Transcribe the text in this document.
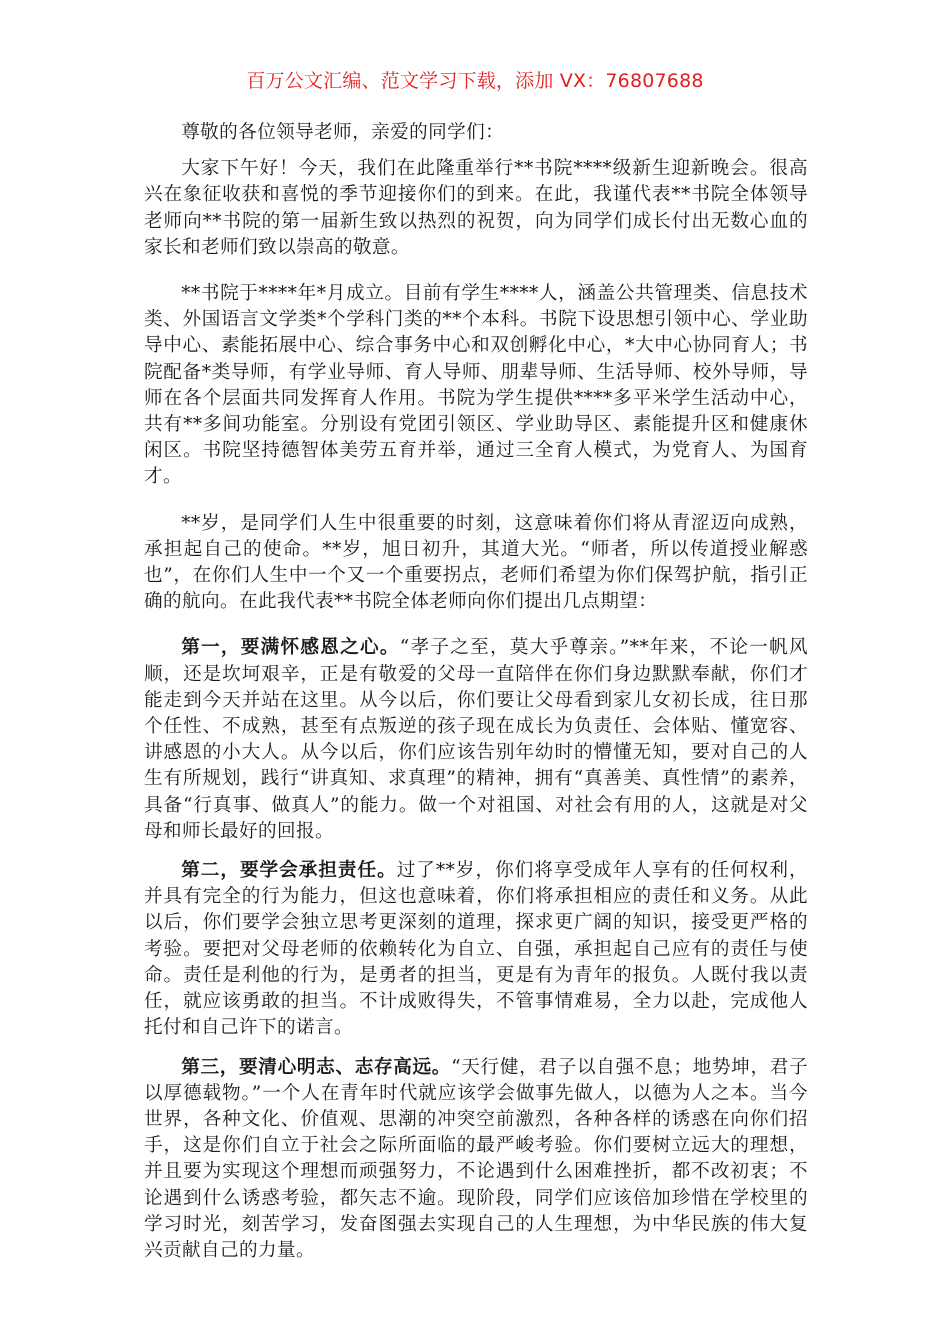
百万公文汇编、范文学习下载，添加 VX：76807688

尊敬的各位领导老师，亲爱的同学们：

大家下午好！今天，我们在此隆重举行**书院****级新生迎新晚会。很高兴在象征收获和喜悦的季节迎接你们的到来。在此，我谨代表**书院全体领导老师向**书院的第一届新生致以热烈的祝贺，向为同学们成长付出无数心血的家长和老师们致以崇高的敬意。

**书院于****年*月成立。目前有学生****人，涵盖公共管理类、信息技术类、外国语言文学类*个学科门类的**个本科。书院下设思想引领中心、学业助导中心、素能拓展中心、综合事务中心和双创孵化中心，*大中心协同育人；书院配备*类导师，有学业导师、育人导师、朋辈导师、生活导师、校外导师，导师在各个层面共同发挥育人作用。书院为学生提供****多平米学生活动中心，共有**多间功能室。分别设有党团引领区、学业助导区、素能提升区和健康休闲区。书院坚持德智体美劳五育并举，通过三全育人模式，为党育人、为国育才。

**岁，是同学们人生中很重要的时刻，这意味着你们将从青涩迈向成熟，承担起自己的使命。**岁，旭日初升，其道大光。“师者，所以传道授业解惑也”，在你们人生中一个又一个重要拐点，老师们希望为你们保驾护航，指引正确的航向。在此我代表**书院全体老师向你们提出几点期望：

第一，要满怀感恩之心。“孝子之至，莫大乎尊亲。”**年来，不论一帆风顺，还是坎坷艰辛，正是有敬爱的父母一直陪伴在你们身边默默奉献，你们才能走到今天并站在这里。从今以后，你们要让父母看到家儿女初长成，往日那个任性、不成熟，甚至有点叛逆的孩子现在成长为负责任、会体贴、懂宽容、讲感恩的小大人。从今以后，你们应该告别年幼时的懵懂无知，要对自己的人生有所规划，践行“讲真知、求真理”的精神，拥有“真善美、真性情”的素养，具备“行真事、做真人”的能力。做一个对祖国、对社会有用的人，这就是对父母和师长最好的回报。

第二，要学会承担责任。过了**岁，你们将享受成年人享有的任何权利，并具有完全的行为能力，但这也意味着，你们将承担相应的责任和义务。从此以后，你们要学会独立思考更深刻的道理，探求更广阔的知识，接受更严格的考验。要把对父母老师的依赖转化为自立、自强，承担起自己应有的责任与使命。责任是利他的行为，是勇者的担当，更是有为青年的报负。人既付我以责任，就应该勇敢的担当。不计成败得失，不管事情难易，全力以赴，完成他人托付和自己许下的诺言。

第三，要清心明志、志存高远。“天行健，君子以自强不息；地势坤，君子以厚德载物。”一个人在青年时代就应该学会做事先做人，以德为人之本。当今世界，各种文化、价值观、思潮的冲突空前激烈，各种各样的诱惑在向你们招手，这是你们自立于社会之际所面临的最严峻考验。你们要树立远大的理想，并且要为实现这个理想而顽强努力，不论遇到什么困难挫折，都不改初衷；不论遇到什么诱惑考验，都矢志不逾。现阶段，同学们应该倍加珍惜在学校里的学习时光，刻苦学习，发奋图强去实现自己的人生理想，为中华民族的伟大复兴贡献自己的力量。
